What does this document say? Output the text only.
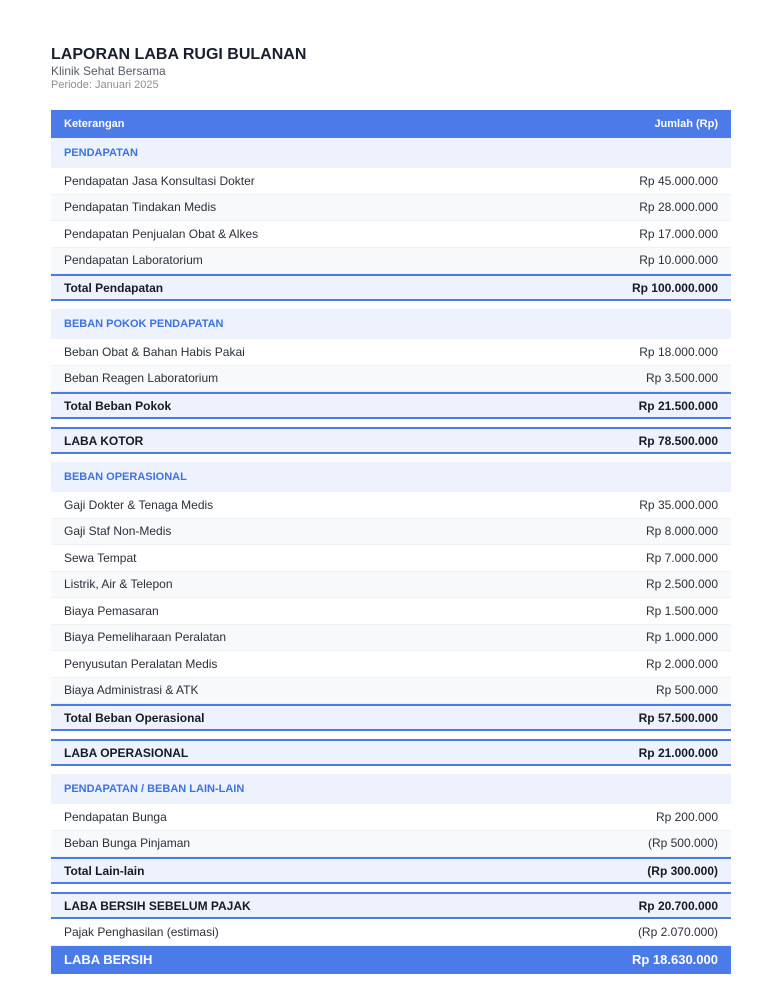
LAPORAN LABA RUGI BULANAN
Klinik Sehat Bersama
Periode: Januari 2025
Keterangan	Jumlah (Rp)
PENDAPATAN
Pendapatan Jasa Konsultasi Dokter	Rp 45.000.000
Pendapatan Tindakan Medis	Rp 28.000.000
Pendapatan Penjualan Obat & Alkes	Rp 17.000.000
Pendapatan Laboratorium	Rp 10.000.000
Total Pendapatan	Rp 100.000.000
BEBAN POKOK PENDAPATAN
Beban Obat & Bahan Habis Pakai	Rp 18.000.000
Beban Reagen Laboratorium	Rp 3.500.000
Total Beban Pokok	Rp 21.500.000
LABA KOTOR	Rp 78.500.000
BEBAN OPERASIONAL
Gaji Dokter & Tenaga Medis	Rp 35.000.000
Gaji Staf Non-Medis	Rp 8.000.000
Sewa Tempat	Rp 7.000.000
Listrik, Air & Telepon	Rp 2.500.000
Biaya Pemasaran	Rp 1.500.000
Biaya Pemeliharaan Peralatan	Rp 1.000.000
Penyusutan Peralatan Medis	Rp 2.000.000
Biaya Administrasi & ATK	Rp 500.000
Total Beban Operasional	Rp 57.500.000
LABA OPERASIONAL	Rp 21.000.000
PENDAPATAN / BEBAN LAIN-LAIN
Pendapatan Bunga	Rp 200.000
Beban Bunga Pinjaman	(Rp 500.000)
Total Lain-lain	(Rp 300.000)
LABA BERSIH SEBELUM PAJAK	Rp 20.700.000
Pajak Penghasilan (estimasi)	(Rp 2.070.000)
LABA BERSIH	Rp 18.630.000
